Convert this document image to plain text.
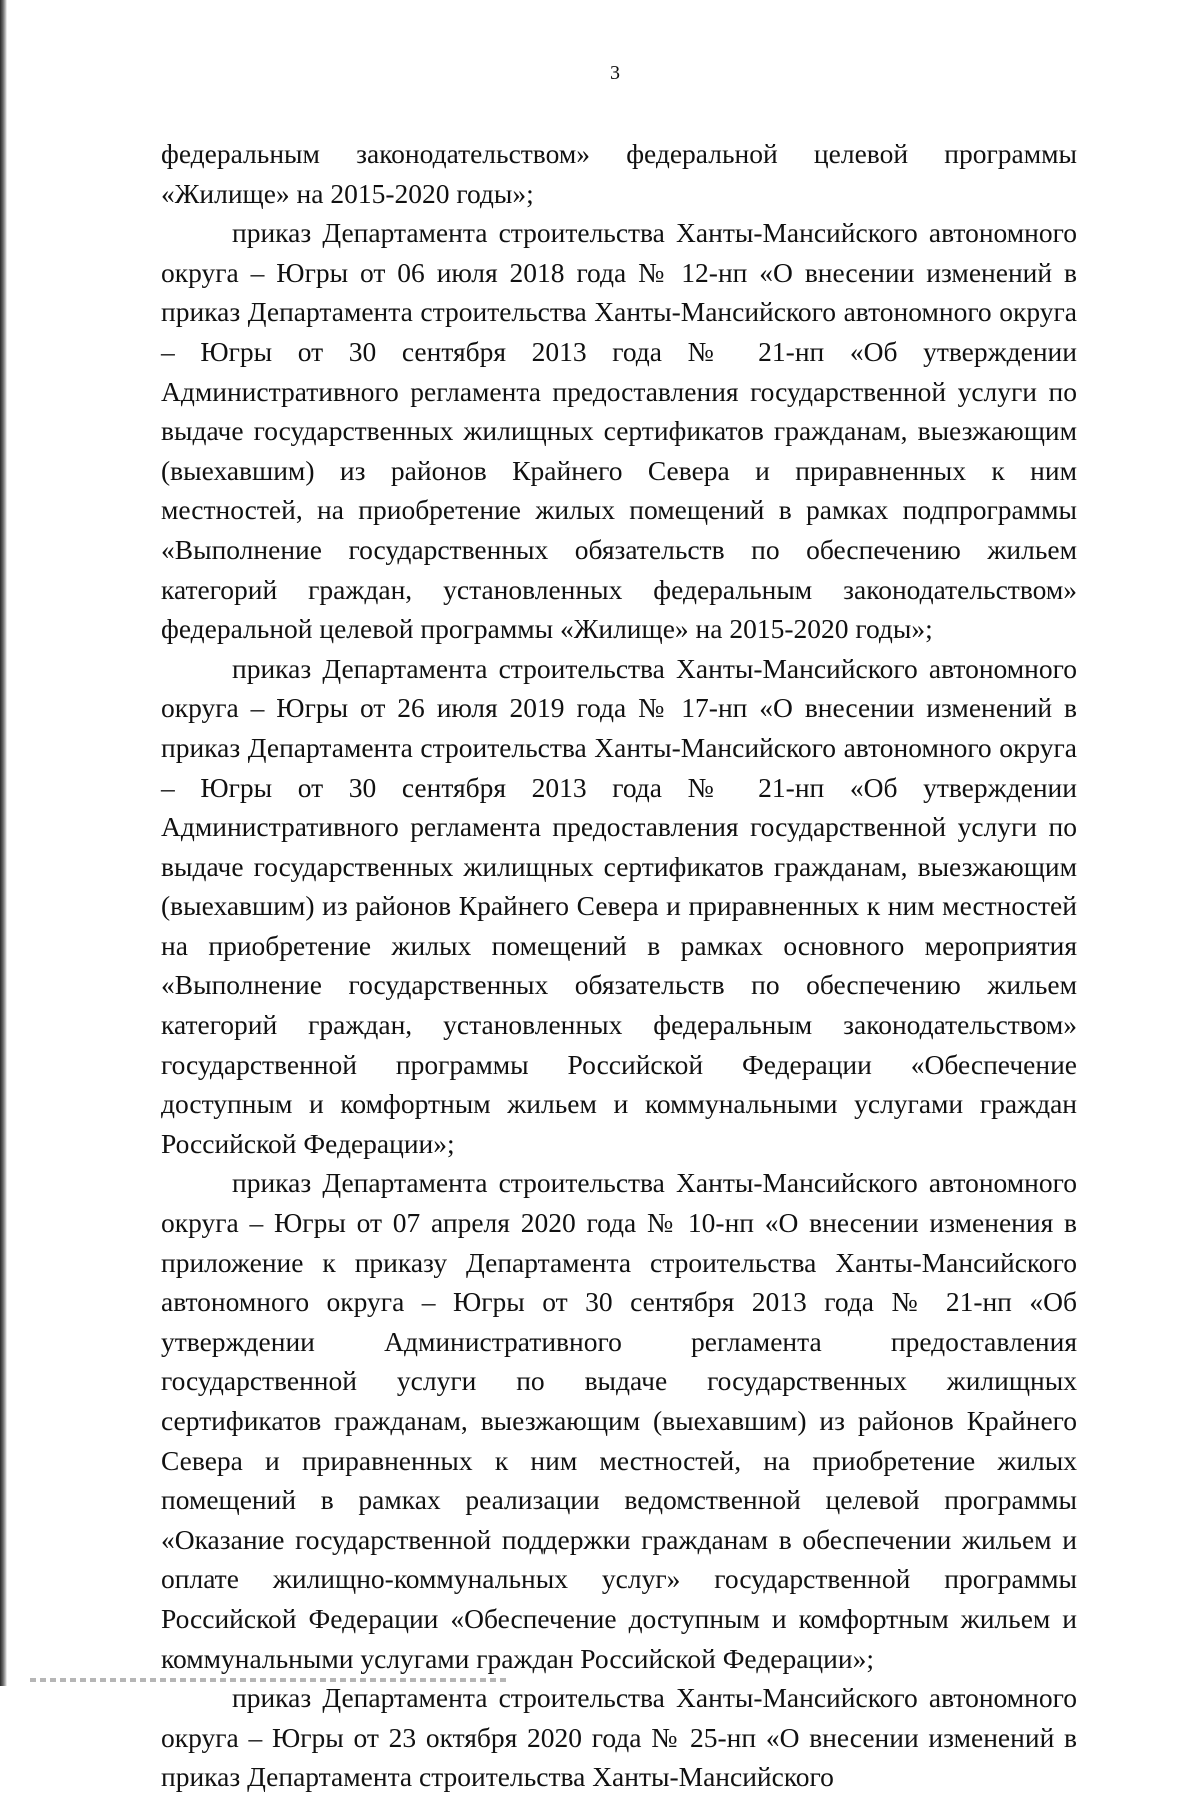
3

федеральным законодательством» федеральной целевой программы «Жилище» на 2015-2020 годы»;

приказ Департамента строительства Ханты-Мансийского автономного округа – Югры от 06 июля 2018 года № 12-нп «О внесении изменений в приказ Департамента строительства Ханты-Мансийского автономного округа – Югры от 30 сентября 2013 года № 21-нп «Об утверждении Административного регламента предоставления государственной услуги по выдаче государственных жилищных сертификатов гражданам, выезжающим (выехавшим) из районов Крайнего Севера и приравненных к ним местностей, на приобретение жилых помещений в рамках подпрограммы «Выполнение государственных обязательств по обеспечению жильем категорий граждан, установленных федеральным законодательством» федеральной целевой программы «Жилище» на 2015-2020 годы»;

приказ Департамента строительства Ханты-Мансийского автономного округа – Югры от 26 июля 2019 года № 17-нп «О внесении изменений в приказ Департамента строительства Ханты-Мансийского автономного округа – Югры от 30 сентября 2013 года № 21-нп «Об утверждении Административного регламента предоставления государственной услуги по выдаче государственных жилищных сертификатов гражданам, выезжающим (выехавшим) из районов Крайнего Севера и приравненных к ним местностей на приобретение жилых помещений в рамках основного мероприятия «Выполнение государственных обязательств по обеспечению жильем категорий граждан, установленных федеральным законодательством» государственной программы Российской Федерации «Обеспечение доступным и комфортным жильем и коммунальными услугами граждан Российской Федерации»;

приказ Департамента строительства Ханты-Мансийского автономного округа – Югры от 07 апреля 2020 года № 10-нп «О внесении изменения в приложение к приказу Департамента строительства Ханты-Мансийского автономного округа – Югры от 30 сентября 2013 года № 21-нп «Об утверждении Административного регламента предоставления государственной услуги по выдаче государственных жилищных сертификатов гражданам, выезжающим (выехавшим) из районов Крайнего Севера и приравненных к ним местностей, на приобретение жилых помещений в рамках реализации ведомственной целевой программы «Оказание государственной поддержки гражданам в обеспечении жильем и оплате жилищно-коммунальных услуг» государственной программы Российской Федерации «Обеспечение доступным и комфортным жильем и коммунальными услугами граждан Российской Федерации»;

приказ Департамента строительства Ханты-Мансийского автономного округа – Югры от 23 октября 2020 года № 25-нп «О внесении изменений в приказ Департамента строительства Ханты-Мансийского
